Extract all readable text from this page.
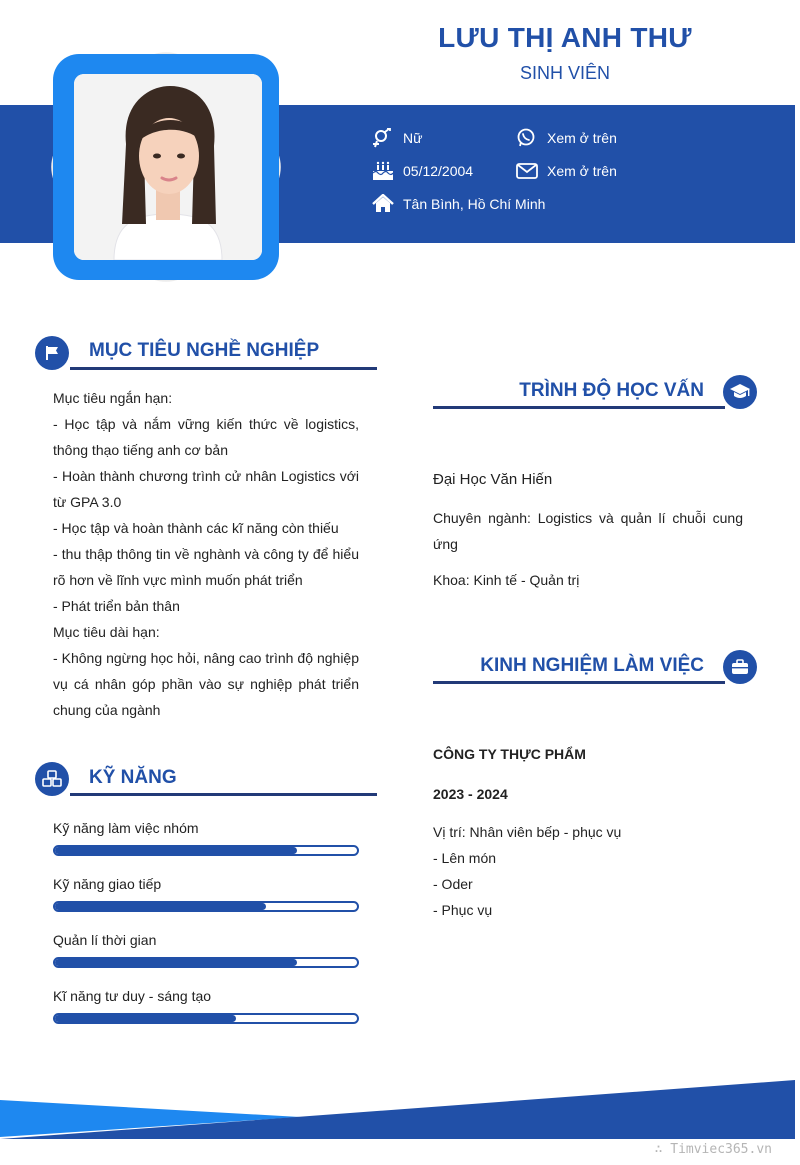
LƯU THỊ ANH THƯ
SINH VIÊN
Nữ	Xem ở trên
05/12/2004	Xem ở trên
Tân Bình, Hồ Chí Minh
MỤC TIÊU NGHỀ NGHIỆP
Mục tiêu ngắn hạn:
- Học tập và nắm vững kiến thức về logistics, thông thạo tiếng anh cơ bản
- Hoàn thành chương trình cử nhân Logistics với từ GPA 3.0
- Học tập và hoàn thành các kĩ năng còn thiếu
- thu thập thông tin về nghành và công ty để hiểu rõ hơn về lĩnh vực mình muốn phát triển
- Phát triển bản thân
Mục tiêu dài hạn:
- Không ngừng học hỏi, nâng cao trình độ nghiệp vụ cá nhân góp phần vào sự nghiệp phát triển chung của ngành
KỸ NĂNG
Kỹ năng làm việc nhóm
Kỹ năng giao tiếp
Quản lí thời gian
Kĩ năng tư duy - sáng tạo
TRÌNH ĐỘ HỌC VẤN
Đại Học Văn Hiến
Chuyên ngành: Logistics và quản lí chuỗi cung ứng
Khoa: Kinh tế - Quản trị
KINH NGHIỆM LÀM VIỆC
CÔNG TY THỰC PHẨM
2023 - 2024
Vị trí: Nhân viên bếp - phục vụ
- Lên món
- Oder
- Phục vụ
∴ Timviec365.vn
